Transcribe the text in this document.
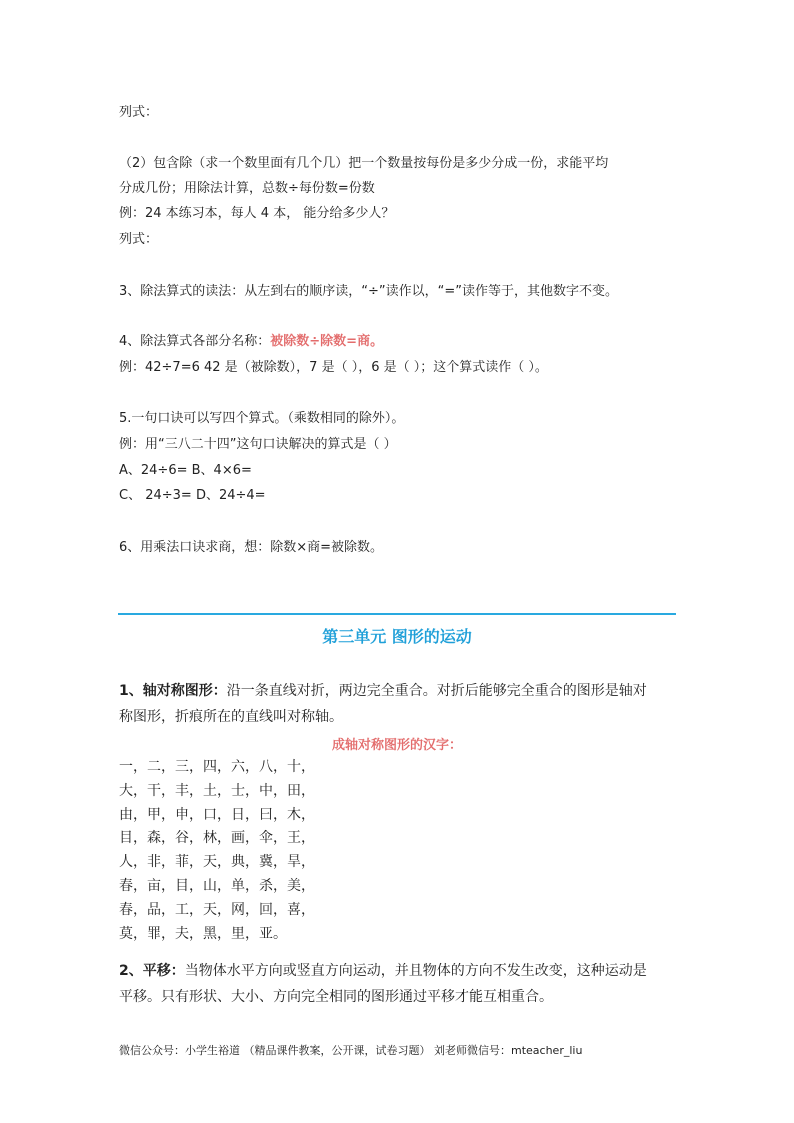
列式：
（2）包含除（求一个数里面有几个几）把一个数量按每份是多少分成一份，求能平均
分成几份；用除法计算，总数÷每份数=份数
例：24 本练习本，每人 4 本， 能分给多少人？
列式：
3、除法算式的读法：从左到右的顺序读，“÷”读作以，“=”读作等于，其他数字不变。
4、除法算式各部分名称：被除数÷除数=商。
例：42÷7=6 42 是（被除数），7 是（ ），6 是（ ）；这个算式读作（ ）。
5.一句口诀可以写四个算式。（乘数相同的除外）。
例：用“三八二十四”这句口诀解决的算式是（ ）
A、24÷6= B、4×6=
C、 24÷3= D、24÷4=
6、用乘法口诀求商，想：除数×商=被除数。
第三单元 图形的运动
1、轴对称图形：沿一条直线对折，两边完全重合。对折后能够完全重合的图形是轴对
称图形，折痕所在的直线叫对称轴。
成轴对称图形的汉字：
一，二，三，四，六，八，十，
大，干，丰，土，士，中，田，
由，甲，申，口，日，曰，木，
目，森，谷，林，画，伞，王，
人，非，菲，天，典，冀，旱，
春，亩，目，山，单，杀，美，
春，品，工，天，网，回，喜，
莫，罪，夫，黑，里，亚。
2、平移：当物体水平方向或竖直方向运动，并且物体的方向不发生改变，这种运动是
平移。只有形状、大小、方向完全相同的图形通过平移才能互相重合。
微信公众号：小学生裕道 （精品课件教案，公开课，试卷习题） 刘老师微信号：mteacher_liu
